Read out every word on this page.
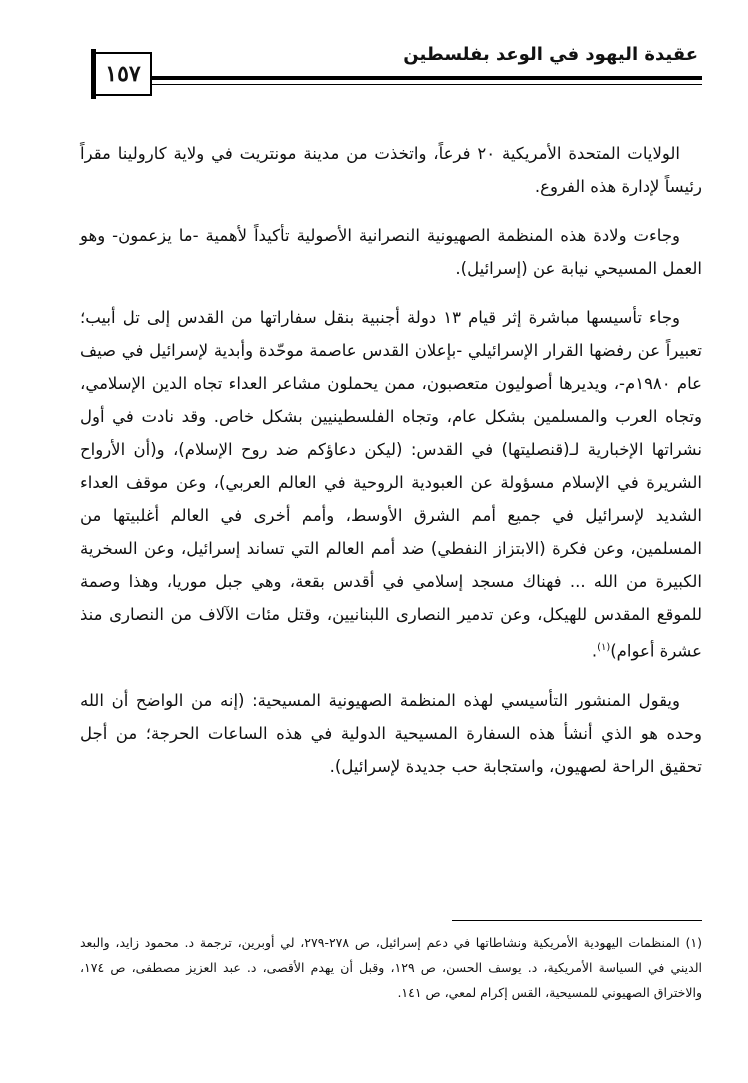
١٥٧
عقيدة اليهود في الوعد بفلسطين

الولايات المتحدة الأمريكية ٢٠ فرعاً، واتخذت من مدينة مونتريت في ولاية كارولينا مقراً رئيساً لإدارة هذه الفروع.

وجاءت ولادة هذه المنظمة الصهيونية النصرانية الأصولية تأكيداً لأهمية -ما يزعمون- وهو العمل المسيحي نيابة عن (إسرائيل).

وجاء تأسيسها مباشرة إثر قيام ١٣ دولة أجنبية بنقل سفاراتها من القدس إلى تل أبيب؛ تعبيراً عن رفضها القرار الإسرائيلي -بإعلان القدس عاصمة موحّدة وأبدية لإسرائيل في صيف عام ١٩٨٠م-، ويديرها أصوليون متعصبون، ممن يحملون مشاعر العداء تجاه الدين الإسلامي، وتجاه العرب والمسلمين بشكل عام، وتجاه الفلسطينيين بشكل خاص. وقد نادت في أول نشراتها الإخبارية لـ(قنصليتها) في القدس: (ليكن دعاؤكم ضد روح الإسلام)، و(أن الأرواح الشريرة في الإسلام مسؤولة عن العبودية الروحية في العالم العربي)، وعن موقف العداء الشديد لإسرائيل في جميع أمم الشرق الأوسط، وأمم أخرى في العالم أغلبيتها من المسلمين، وعن فكرة (الابتزاز النفطي) ضد أمم العالم التي تساند إسرائيل، وعن السخرية الكبيرة من الله ... فهناك مسجد إسلامي في أقدس بقعة، وهي جبل موريا، وهذا وصمة للموقع المقدس للهيكل، وعن تدمير النصارى اللبنانيين، وقتل مئات الآلاف من النصارى منذ عشرة أعوام)$^{(١)}$.

ويقول المنشور التأسيسي لهذه المنظمة الصهيونية المسيحية: (إنه من الواضح أن الله وحده هو الذي أنشأ هذه السفارة المسيحية الدولية في هذه الساعات الحرجة؛ من أجل تحقيق الراحة لصهيون، واستجابة حب جديدة لإسرائيل).

(١) المنظمات اليهودية الأمريكية ونشاطاتها في دعم إسرائيل، ص ٢٧٨-٢٧٩، لي أوبرين، ترجمة د. محمود زايد، والبعد الديني في السياسة الأمريكية، د. يوسف الحسن، ص ١٢٩، وقبل أن يهدم الأقصى، د. عبد العزيز مصطفى، ص ١٧٤، والاختراق الصهيوني للمسيحية، القس إكرام لمعي، ص ١٤١.
